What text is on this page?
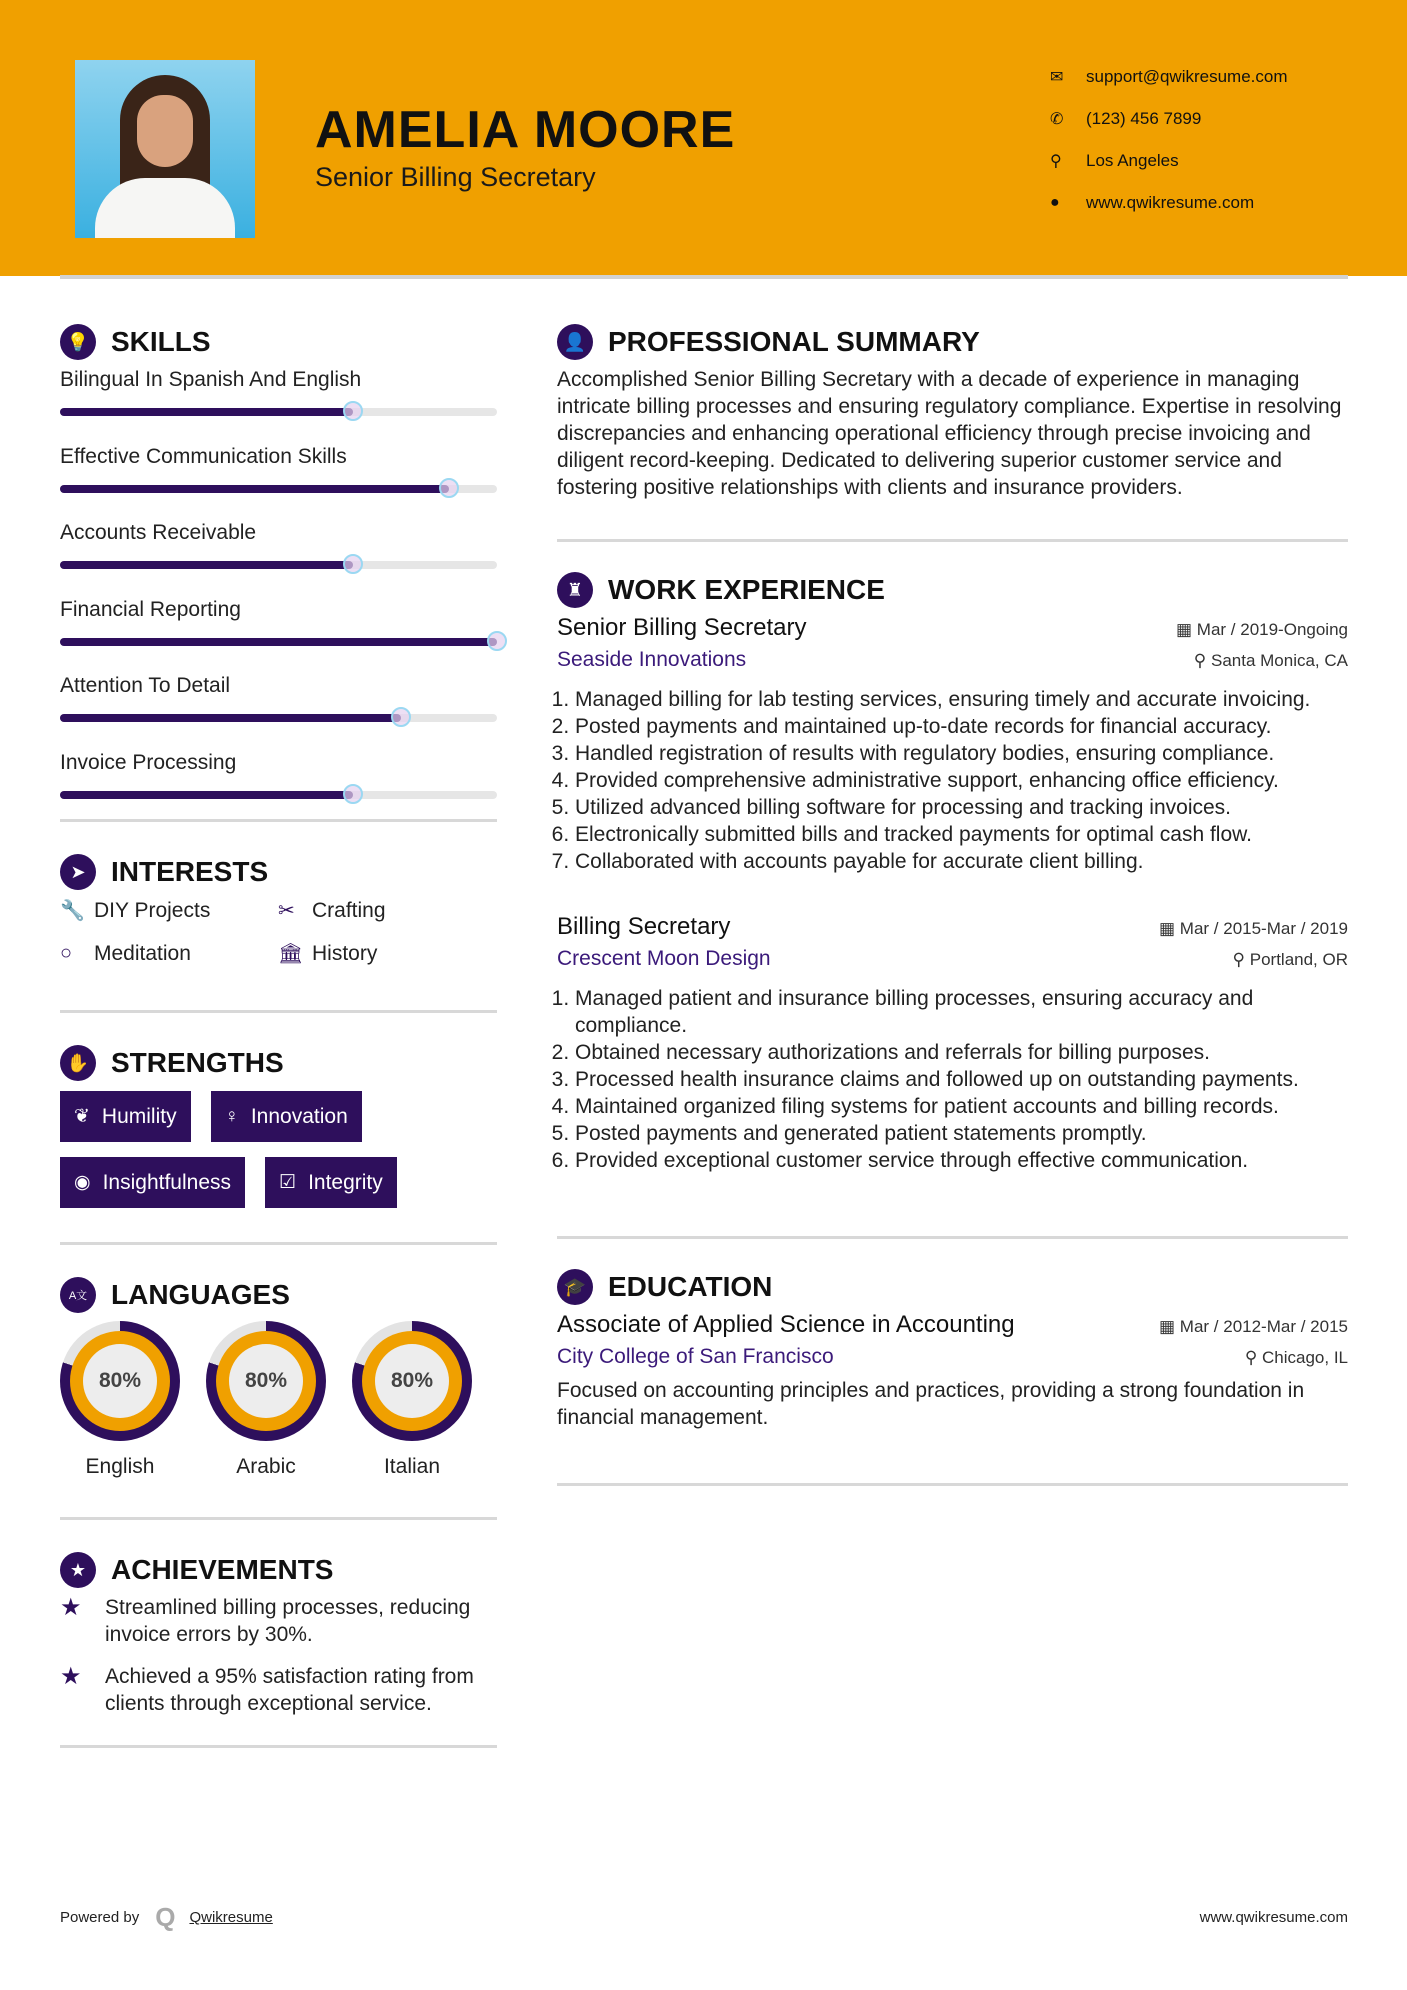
AMELIA MOORE
Senior Billing Secretary
✉	support@qwikresume.com
✆	(123) 456 7899
⚲	Los Angeles
●	www.qwikresume.com
💡 SKILLS
Bilingual In Spanish And English
Effective Communication Skills
Accounts Receivable
Financial Reporting
Attention To Detail
Invoice Processing
➤ INTERESTS
🔧 DIY Projects	✂ Crafting
○	Meditation	🏛 History
✋ STRENGTHS
❦ Humility	♀ Innovation
◉ Insightfulness	☑ Integrity
A文 LANGUAGES
80%
English
80%
Arabic
80%
Italian
★ ACHIEVEMENTS
★	Streamlined billing processes, reducing invoice errors by 30%.
★	Achieved a 95% satisfaction rating from clients through exceptional service.
👤 PROFESSIONAL SUMMARY

Accomplished Senior Billing Secretary with a decade of experience in managing intricate billing processes and ensuring regulatory compliance. Expertise in resolving discrepancies and enhancing operational efficiency through precise invoicing and diligent record-keeping. Dedicated to delivering superior customer service and fostering positive relationships with clients and insurance providers.

♜ WORK EXPERIENCE
Senior Billing Secretary	▦ Mar / 2019-Ongoing
Seaside Innovations	⚲ Santa Monica, CA
1. Managed billing for lab testing services, ensuring timely and accurate invoicing.
2. Posted payments and maintained up-to-date records for financial accuracy.
3. Handled registration of results with regulatory bodies, ensuring compliance.
4. Provided comprehensive administrative support, enhancing office efficiency.
5. Utilized advanced billing software for processing and tracking invoices.
6. Electronically submitted bills and tracked payments for optimal cash flow.
7. Collaborated with accounts payable for accurate client billing.
Billing Secretary	▦ Mar / 2015-Mar / 2019
Crescent Moon Design	⚲ Portland, OR
1. Managed patient and insurance billing processes, ensuring accuracy and compliance.
2. Obtained necessary authorizations and referrals for billing purposes.
3. Processed health insurance claims and followed up on outstanding payments.
4. Maintained organized filing systems for patient accounts and billing records.
5. Posted payments and generated patient statements promptly.
6. Provided exceptional customer service through effective communication.
🎓 EDUCATION
Associate of Applied Science in Accounting	▦ Mar / 2012-Mar / 2015
City College of San Francisco	⚲ Chicago, IL

Focused on accounting principles and practices, providing a strong foundation in financial management.

Powered by Q Qwikresume	www.qwikresume.com
